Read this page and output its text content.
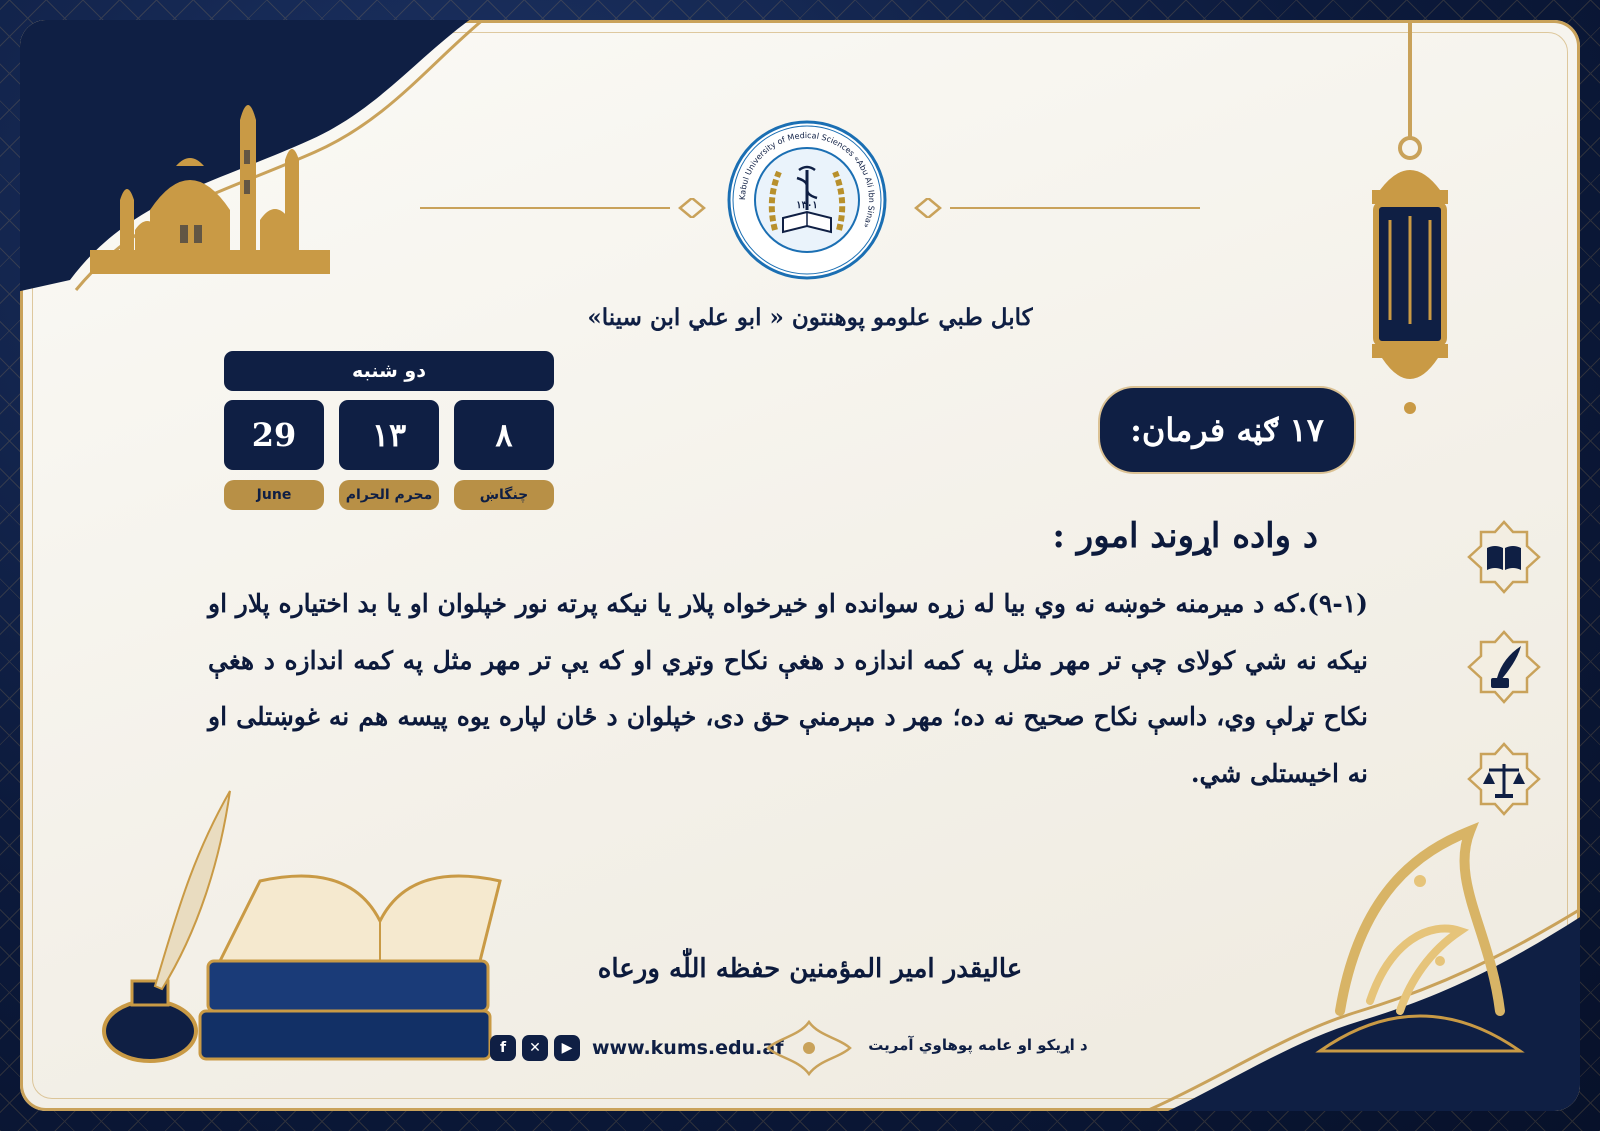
Kabul University of Medical Sciences «Abu Ali Ibn Sina»
١٣٠١
کابل طبي علومو پوهنتون « ابو علي ابن سینا»
دو شنبه
29	١٣	٨
June	محرم الحرام	چنگاښ
١٧ ګڼه فرمان:
د واده اړوند امور :
(١-٩).که د میرمنه خوښه نه وي بیا له زړه سوانده او خیرخواه پلار یا نیکه پرته نور خپلوان او یا بد اختیاره پلار او نیکه نه شي کولای چې تر مهر مثل په کمه اندازه د هغې نکاح وتړي او که یې تر مهر مثل په کمه اندازه د هغې نکاح تړلې وي، داسې نکاح صحیح نه ده؛ مهر د مېرمنې حق دی، خپلوان د ځان لپاره یوه پیسه هم نه غوښتلی او نه اخیستلی شي.
عالیقدر امیر المؤمنین حفظه اللّٰه ورعاه
f	✕	▶	www.kums.edu.af	د اړیکو او عامه پوهاوي آمریت
